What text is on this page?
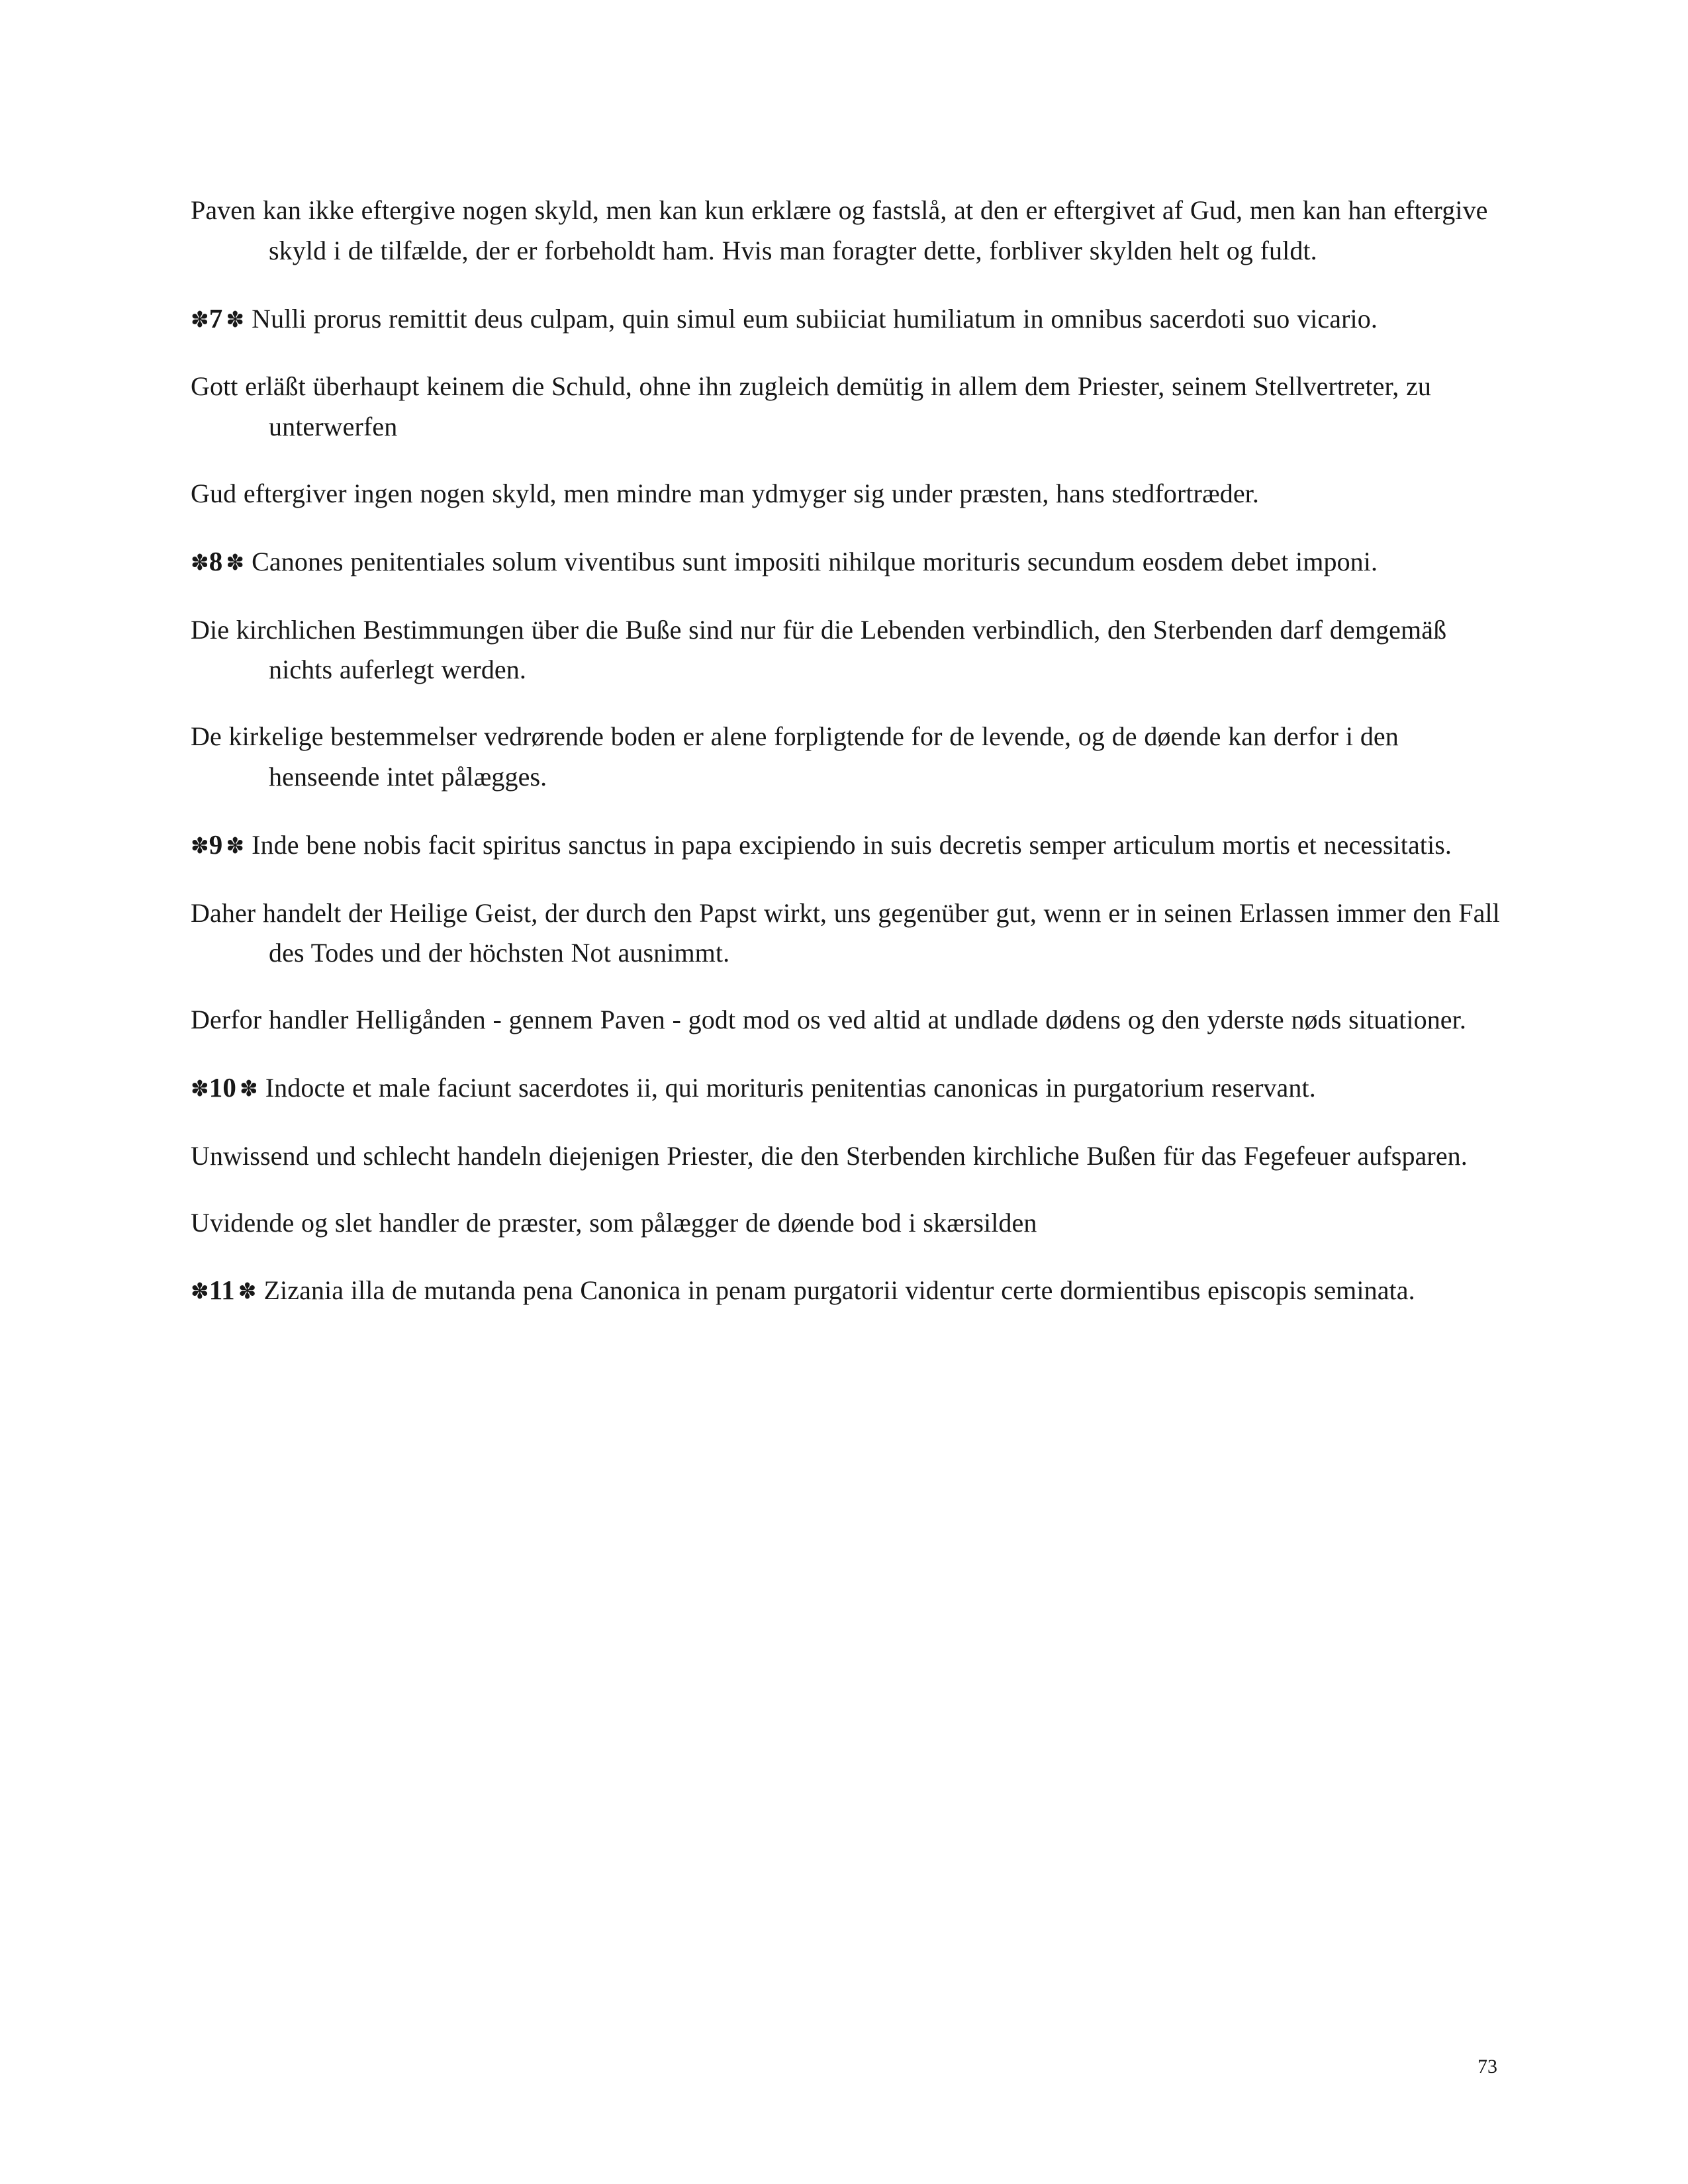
Paven kan ikke eftergive nogen skyld, men kan kun erklære og fastslå, at den er eftergivet af Gud, men kan han eftergive skyld i de tilfælde, der er forbeholdt ham. Hvis man foragter dette, forbliver skylden helt og fuldt.

✽7 ✽ Nulli prorus remittit deus culpam, quin simul eum subiiciat humiliatum in omnibus sacerdoti suo vicario.

Gott erläßt überhaupt keinem die Schuld, ohne ihn zugleich demütig in allem dem Priester, seinem Stellvertreter, zu unterwerfen

Gud eftergiver ingen nogen skyld, men mindre man ydmyger sig under præsten, hans stedfortræder.

✽8 ✽ Canones penitentiales solum viventibus sunt impositi nihilque morituris secundum eosdem debet imponi.

Die kirchlichen Bestimmungen über die Buße sind nur für die Lebenden verbindlich, den Sterbenden darf demgemäß nichts auferlegt werden.

De kirkelige bestemmelser vedrørende boden er alene forpligtende for de levende, og de døende kan derfor i den henseende intet pålægges.

✽9 ✽ Inde bene nobis facit spiritus sanctus in papa excipiendo in suis decretis semper articulum mortis et necessitatis.

Daher handelt der Heilige Geist, der durch den Papst wirkt, uns gegenüber gut, wenn er in seinen Erlassen immer den Fall des Todes und der höchsten Not ausnimmt.

Derfor handler Helligånden - gennem Paven - godt mod os ved altid at undlade dødens og den yderste nøds situationer.

✽10 ✽ Indocte et male faciunt sacerdotes ii, qui morituris penitentias canonicas in purgatorium reservant.

Unwissend und schlecht handeln diejenigen Priester, die den Sterbenden kirchliche Bußen für das Fegefeuer aufsparen.

Uvidende og slet handler de præster, som pålægger de døende bod i skærsilden

✽11 ✽ Zizania illa de mutanda pena Canonica in penam purgatorii videntur certe dormientibus episcopis seminata.

73
